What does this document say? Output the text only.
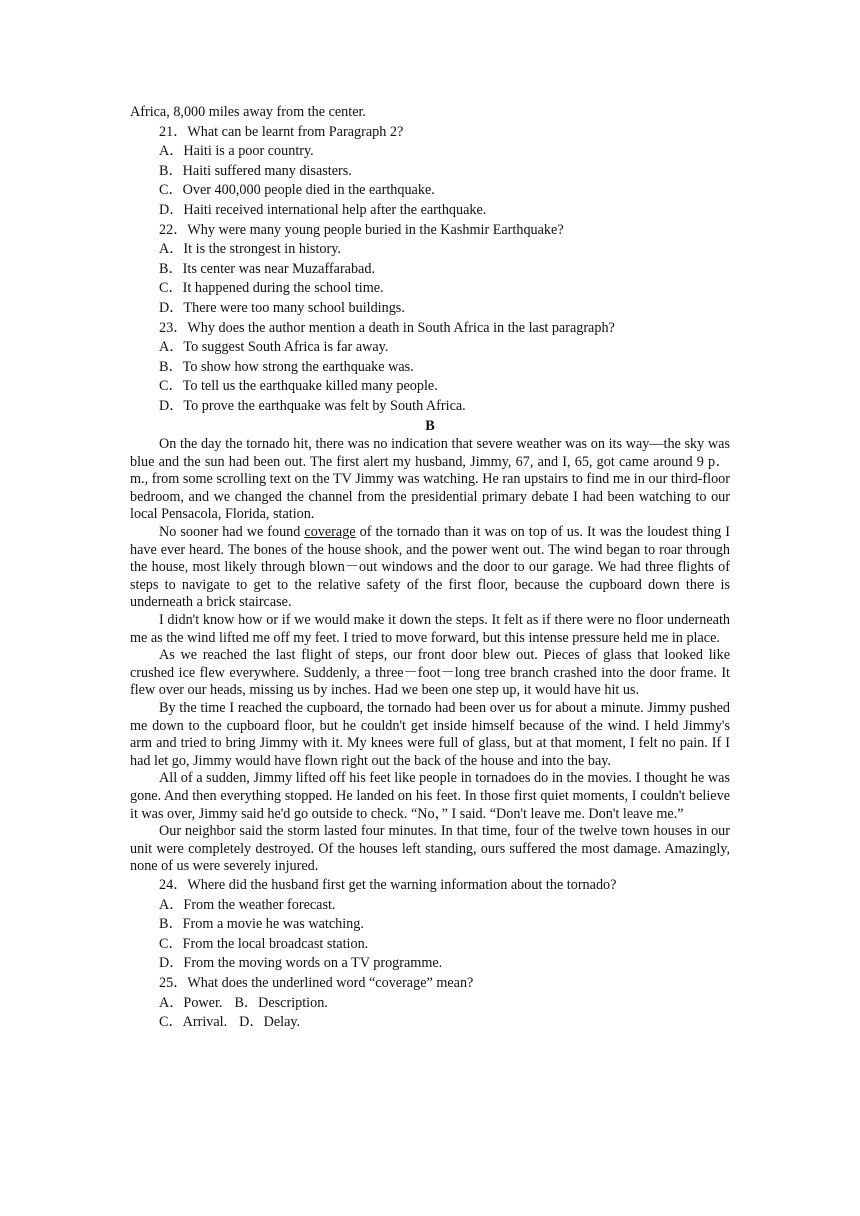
Africa, 8,000 miles away from the center.
21．What can be learnt from Paragraph 2?
A．Haiti is a poor country.
B．Haiti suffered many disasters.
C．Over 400,000 people died in the earthquake.
D．Haiti received international help after the earthquake.
22．Why were many young people buried in the Kashmir Earthquake?
A．It is the strongest in history.
B．Its center was near Muzaffarabad.
C．It happened during the school time.
D．There were too many school buildings.
23．Why does the author mention a death in South Africa in the last paragraph?
A．To suggest South Africa is far away.
B．To show how strong the earthquake was.
C．To tell us the earthquake killed many people.
D．To prove the earthquake was felt by South Africa.
B

On the day the tornado hit, there was no indication that severe weather was on its way—the sky was blue and the sun had been out. The first alert my husband, Jimmy, 67, and I, 65, got came around 9 p．m., from some scrolling text on the TV Jimmy was watching. He ran upstairs to find me in our third-floor bedroom, and we changed the channel from the presidential primary debate I had been watching to our local Pensacola, Florida, station.

No sooner had we found coverage of the tornado than it was on top of us. It was the loudest thing I have ever heard. The bones of the house shook, and the power went out. The wind began to roar through the house, most likely through blown－out windows and the door to our garage. We had three flights of steps to navigate to get to the relative safety of the first floor, because the cupboard down there is underneath a brick staircase.

I didn't know how or if we would make it down the steps. It felt as if there were no floor underneath me as the wind lifted me off my feet. I tried to move forward, but this intense pressure held me in place.

As we reached the last flight of steps, our front door blew out. Pieces of glass that looked like crushed ice flew everywhere. Suddenly, a three－foot－long tree branch crashed into the door frame. It flew over our heads, missing us by inches. Had we been one step up, it would have hit us.

By the time I reached the cupboard, the tornado had been over us for about a minute. Jimmy pushed me down to the cupboard floor, but he couldn't get inside himself because of the wind. I held Jimmy's arm and tried to bring Jimmy with it. My knees were full of glass, but at that moment, I felt no pain. If I had let go, Jimmy would have flown right out the back of the house and into the bay.

All of a sudden, Jimmy lifted off his feet like people in tornadoes do in the movies. I thought he was gone. And then everything stopped. He landed on his feet. In those first quiet moments, I couldn't believe it was over, Jimmy said he'd go outside to check. “No，” I said. “Don't leave me. Don't leave me.”

Our neighbor said the storm lasted four minutes. In that time, four of the twelve town houses in our unit were completely destroyed. Of the houses left standing, ours suffered the most damage. Amazingly, none of us were severely injured.

24．Where did the husband first get the warning information about the tornado?
A．From the weather forecast.
B．From a movie he was watching.
C．From the local broadcast station.
D．From the moving words on a TV programme.
25．What does the underlined word “coverage” mean?
A．Power. B．Description.
C．Arrival. D．Delay.
